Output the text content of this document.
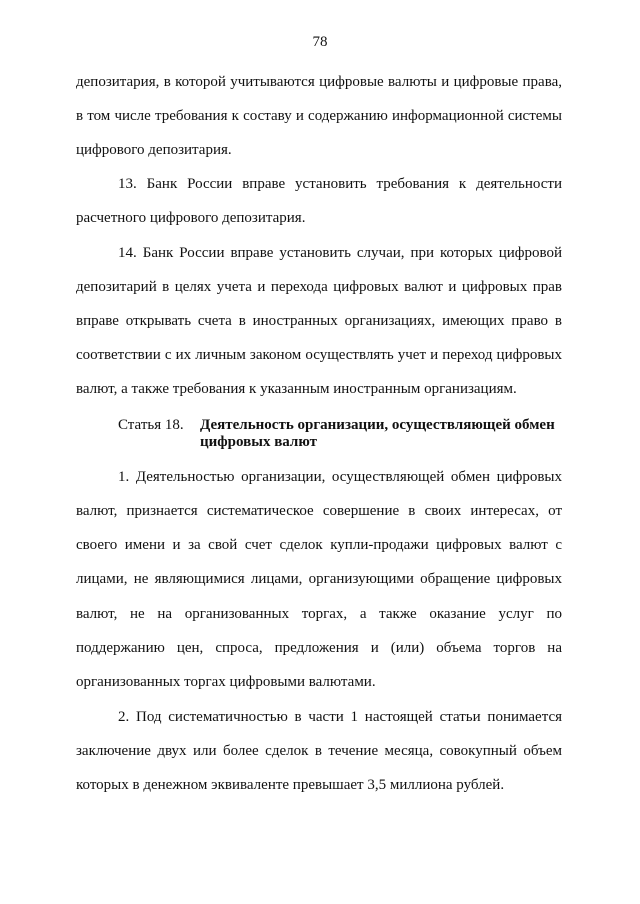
78
депозитария, в которой учитываются цифровые валюты и цифровые права,
в том числе требования к составу и содержанию информационной системы
цифрового депозитария.
13. Банк России вправе установить требования к деятельности
расчетного цифрового депозитария.
14. Банк России вправе установить случаи, при которых цифровой
депозитарий в целях учета и перехода цифровых валют и цифровых прав
вправе открывать счета в иностранных организациях, имеющих право в
соответствии с их личным законом осуществлять учет и переход цифровых
валют, а также требования к указанным иностранным организациям.
Статья 18. Деятельность организации, осуществляющей обмен
цифровых валют
1. Деятельностью организации, осуществляющей обмен цифровых
валют, признается систематическое совершение в своих интересах, от
своего имени и за свой счет сделок купли-продажи цифровых валют с
лицами, не являющимися лицами, организующими обращение цифровых
валют, не на организованных торгах, а также оказание услуг по
поддержанию цен, спроса, предложения и (или) объема торгов на
организованных торгах цифровыми валютами.
2. Под систематичностью в части 1 настоящей статьи понимается
заключение двух или более сделок в течение месяца, совокупный объем
которых в денежном эквиваленте превышает 3,5 миллиона рублей.
